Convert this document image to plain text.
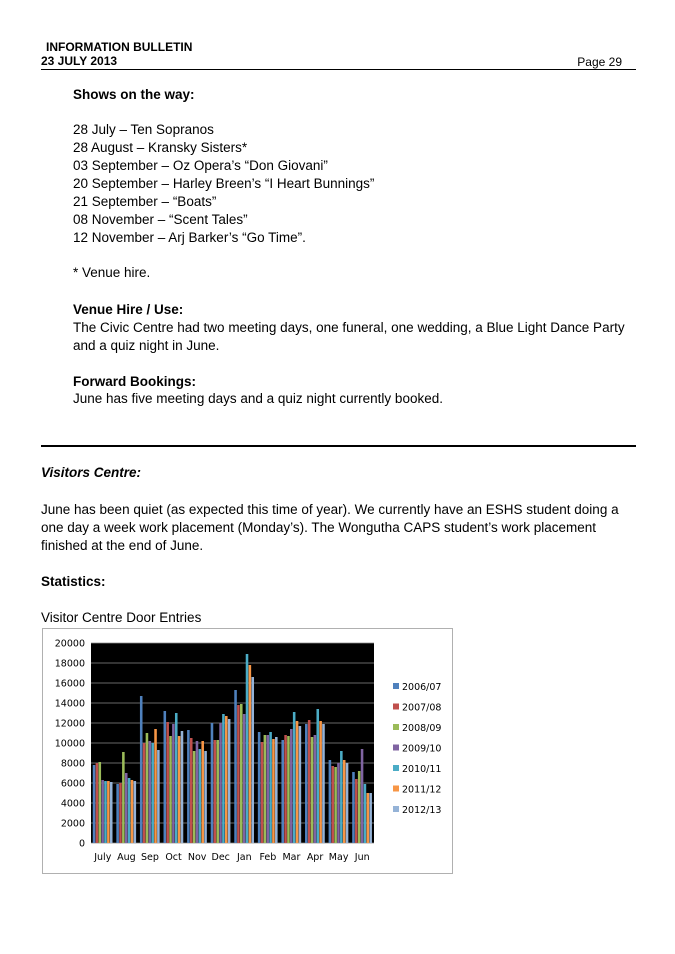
INFORMATION BULLETIN
23 JULY 2013	Page 29
Shows on the way:
28 July – Ten Sopranos
28 August – Kransky Sisters*
03 September – Oz Opera’s “Don Giovani”
20 September – Harley Breen’s “I Heart Bunnings”
21 September – “Boats”
08 November – “Scent Tales”
12 November – Arj Barker’s “Go Time”.
* Venue hire.
Venue Hire / Use:
The Civic Centre had two meeting days, one funeral, one wedding, a Blue Light Dance Party
and a quiz night in June.
Forward Bookings:
June has five meeting days and a quiz night currently booked.
Visitors Centre:
June has been quiet (as expected this time of year). We currently have an ESHS student doing a
one day a week work placement (Monday’s). The Wongutha CAPS student’s work placement
finished at the end of June.
Statistics:
Visitor Centre Door Entries
0
2000
4000
6000
8000
10000
12000
14000
16000
18000
20000
July Aug Sep Oct Nov Dec Jan Feb Mar Apr May Jun
2006/07
2007/08
2008/09
2009/10
2010/11
2011/12
2012/13
